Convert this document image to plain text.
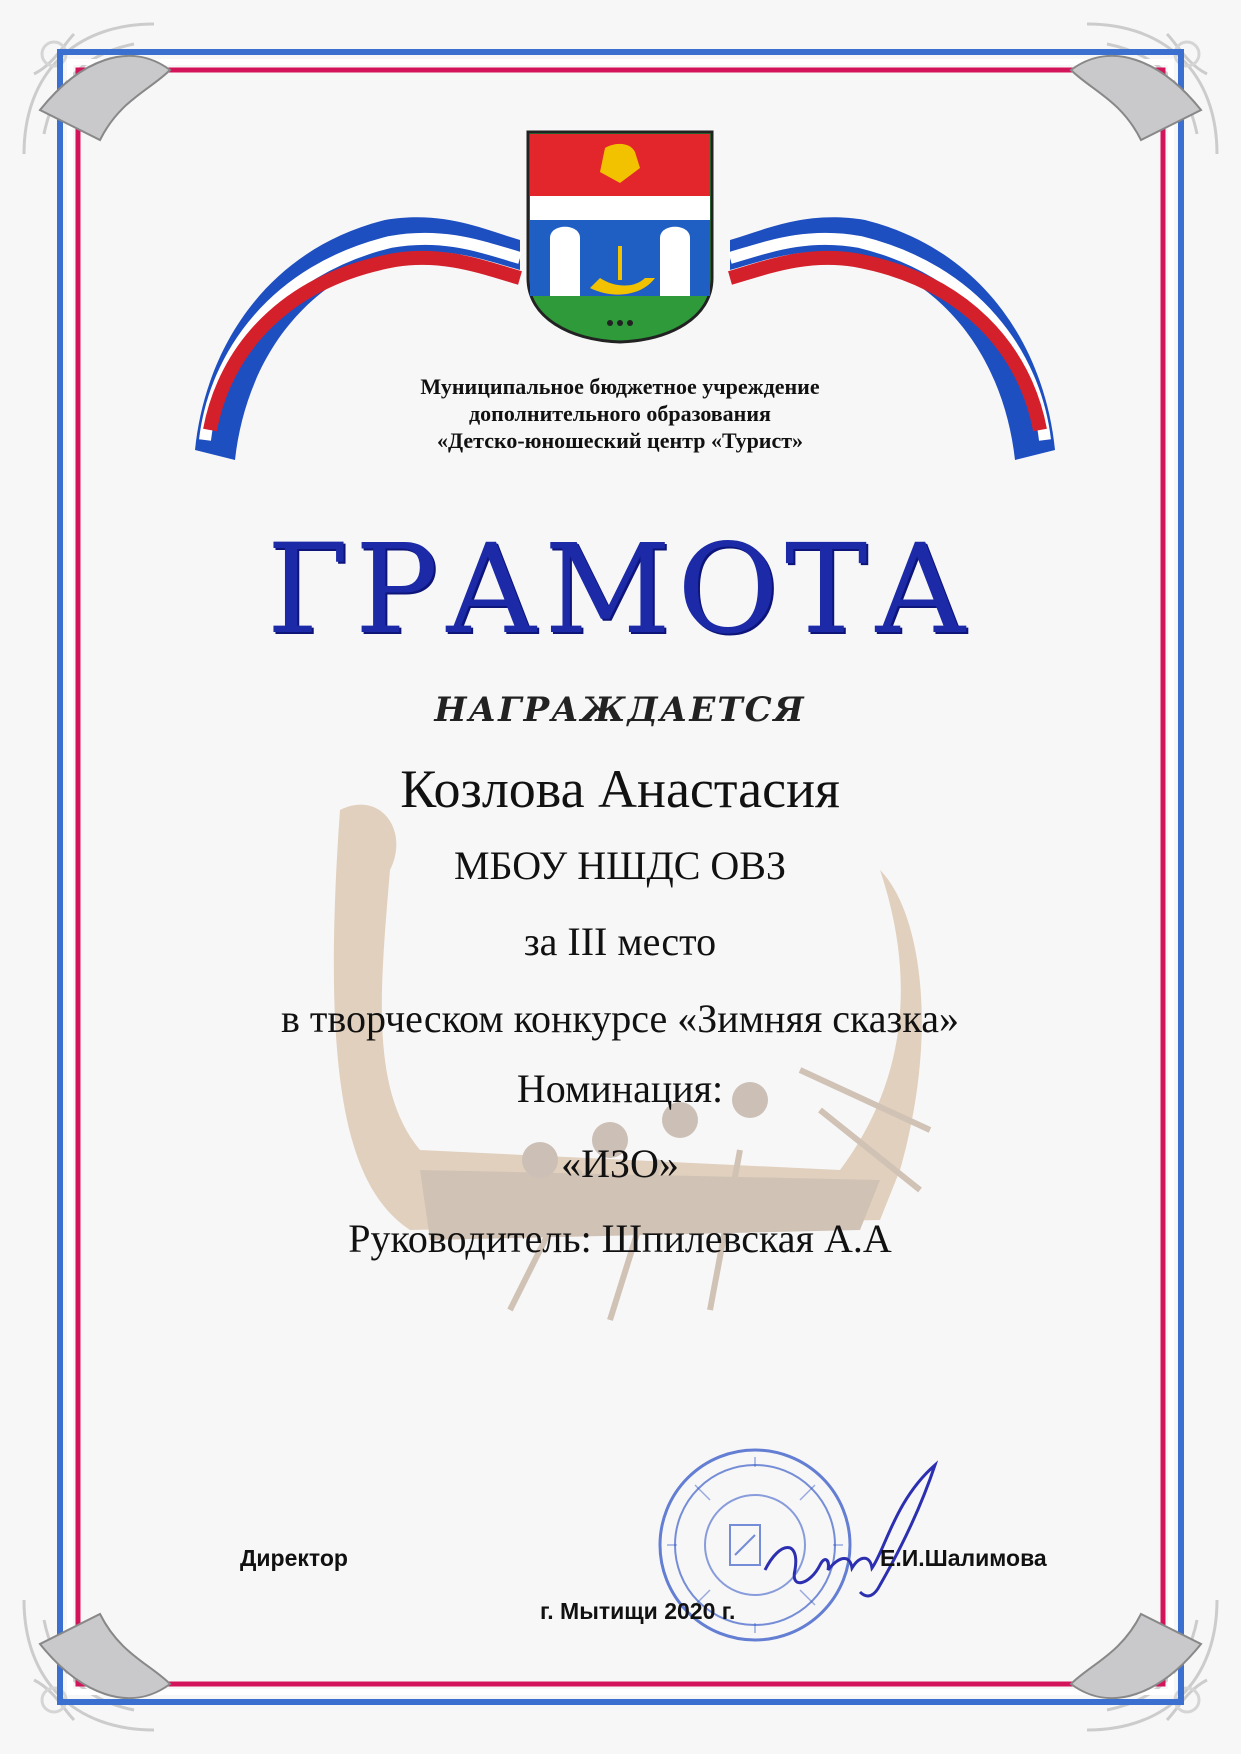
Муниципальное бюджетное учреждение
дополнительного образования
«Детско-юношеский центр «Турист»
ГРАМОТА
НАГРАЖДАЕТСЯ
Козлова Анастасия
МБОУ НШДС ОВЗ
за III место
в творческом конкурсе «Зимняя сказка»
Номинация:
«ИЗО»
Руководитель: Шпилевская А.А
Директор	Е.И.Шалимова
г. Мытищи 2020 г.
